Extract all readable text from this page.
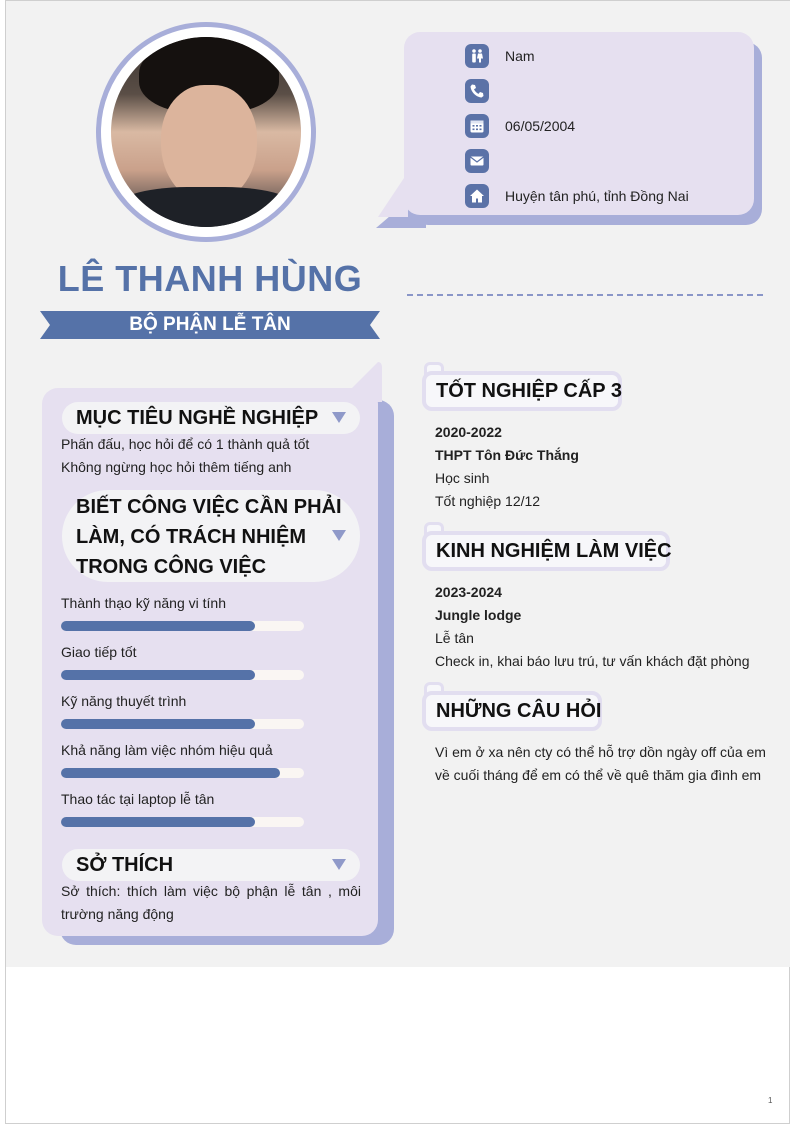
Nam
06/05/2004
Huyện tân phú, tỉnh Đồng Nai
LÊ THANH HÙNG
BỘ PHẬN LỄ TÂN
MỤC TIÊU NGHỀ NGHIỆP
Phấn đấu, học hỏi để có 1 thành quả tốt
Không ngừng học hỏi thêm tiếng anh
BIẾT CÔNG VIỆC CẦN PHẢI
LÀM, CÓ TRÁCH NHIỆM
TRONG CÔNG VIỆC
Thành thạo kỹ năng vi tính
Giao tiếp tốt
Kỹ năng thuyết trình
Khả năng làm việc nhóm hiệu quả
Thao tác tại laptop lễ tân
SỞ THÍCH
Sở thích: thích làm việc bộ phận lễ tân , môi trường năng động
TỐT NGHIỆP CẤP 3
2020-2022
THPT Tôn Đức Thắng
Học sinh
Tốt nghiệp 12/12
KINH NGHIỆM LÀM VIỆC
2023-2024
Jungle lodge
Lễ tân
Check in, khai báo lưu trú, tư vấn khách đặt phòng
NHỮNG CÂU HỎI
Vì em ở xa nên cty có thể hỗ trợ dồn ngày off của em về cuối tháng để em có thể về quê thăm gia đình em
1
